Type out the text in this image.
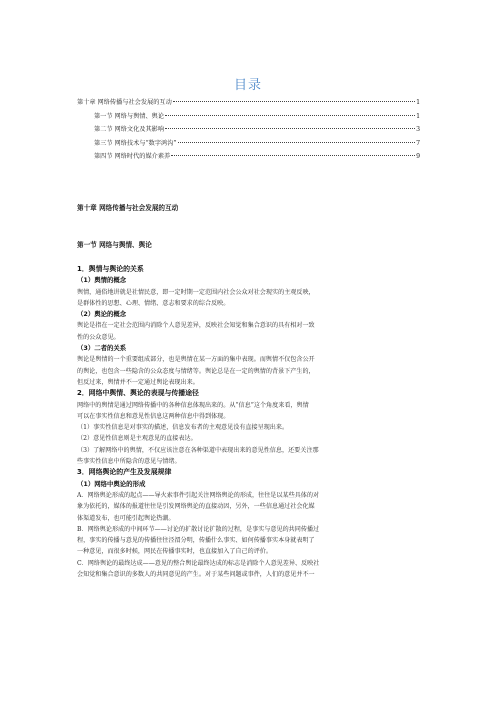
目录
第十章 网络传播与社会发展的互动	1
第一节 网络与舆情、舆论	1
第二节 网络文化及其影响	3
第三节 网络技术与“数字鸿沟”	7
第四节 网络时代的媒介素养	9
第十章 网络传播与社会发展的互动
第一节 网络与舆情、舆论
1．舆情与舆论的关系
（1）舆情的概念
舆情，通俗地讲就是社情民意，即一定时期一定范围内社会公众对社会现实的主观反映，
是群体性的思想、心理、情绪、意志和要求的综合反映。
（2）舆论的概念
舆论是指在一定社会范围内消除个人意见差异，反映社会知觉和集合意识的具有相对一致
性的公众意见。
（3）二者的关系
舆论是舆情的一个重要组成部分，也是舆情在某一方面的集中表现。而舆情不仅包含公开
的舆论，也包含一些隐含的公众态度与情绪等。舆论总是在一定的舆情的背景下产生的，
但反过来，舆情并不一定通过舆论表现出来。
2．网络中舆情、舆论的表现与传播途径
网络中的舆情是通过网络传播中的各种信息体现出来的。从“信息”这个角度来看，舆情
可以在事实性信息和意见性信息这两种信息中得到体现。
（1）事实性信息是对事实的描述，信息发布者的主观意见没有直接呈现出来。
（2）意见性信息则是主观意见的直接表达。
（3）了解网络中的舆情，不仅应该注意在各种渠道中表现出来的意见性信息，还要关注那
些事实性信息中所隐含的意见与情绪。
3．网络舆论的产生及发展规律
（1）网络中舆论的形成
A．网络舆论形成的起点——导火索事件引起关注网络舆论的形成，往往是以某些具体的对
象为依托的，媒体的报道往往是引发网络舆论的直接动因，另外，一些信息通过社会化媒
体渠道发布，也可能引起舆论热潮。
B．网络舆论形成的中间环节——讨论的扩散讨论扩散的过程，是事实与意见的共同传播过
程，事实的传播与意见的传播往往泾渭分明，传播什么事实、如何传播事实本身就表明了
一种意见，而很多时候，网民在传播事实时，也直接加入了自己的评价。
C．网络舆论的最终达成——意见的整合舆论最终达成的标志是消除个人意见差异、反映社
会知觉和集合意识的多数人的共同意见的产生。对于某些问题或事件，人们的意见并不一
